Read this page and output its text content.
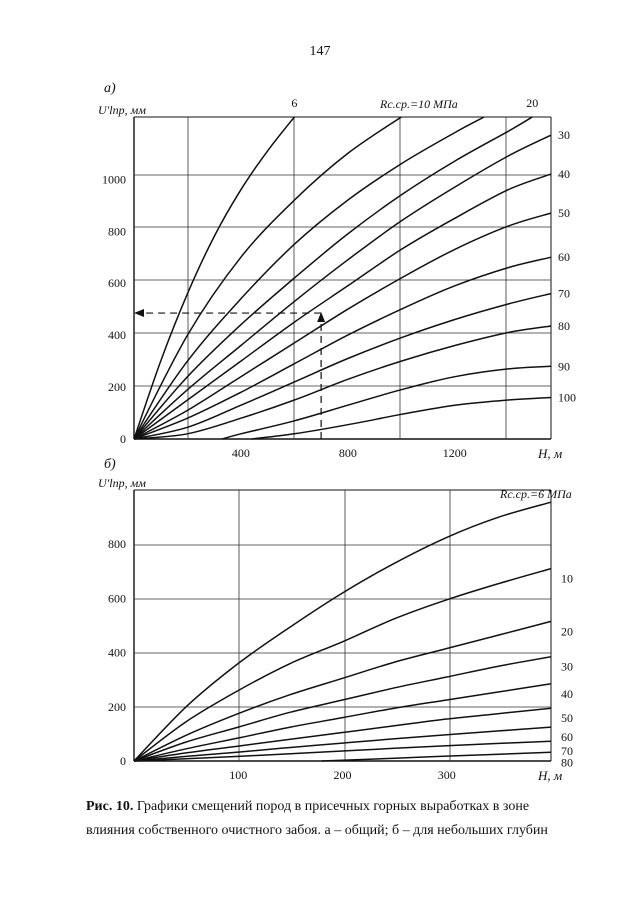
147
0
200
400
600
800
1000
400	800	1200
а)
U′lпр, мм
H, м
Rс.ср.=10 МПа
6	20
30
40
50
60
70
80
90
100
0
200
400
600
800
100	200	300
б)
U′lпр, мм
H, м
Rс.ср.=6 МПа
10
20
30
40
50
60
70
80
Рис. 10. Графики смещений пород в присечных горных выработках в зоне
влияния собственного очистного забоя. а – общий; б – для небольших глубин
